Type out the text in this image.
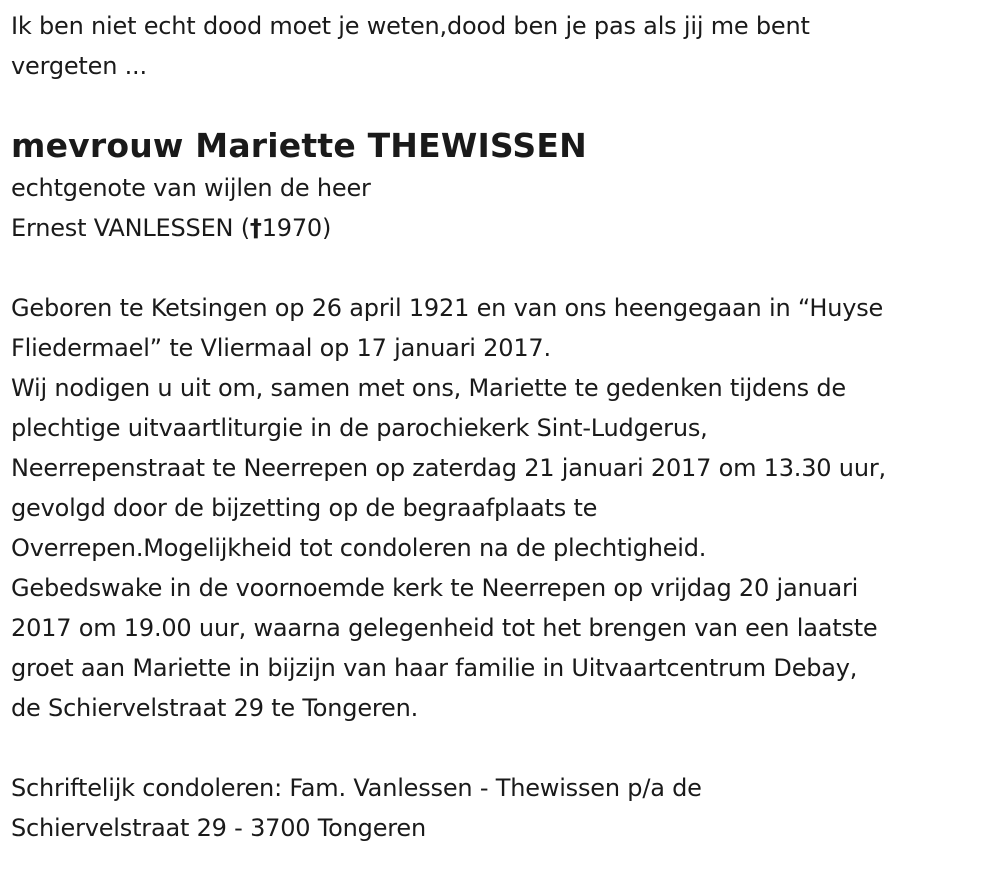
Ik ben niet echt dood moet je weten,dood ben je pas als jij me bent
vergeten ...
mevrouw Mariette THEWISSEN
echtgenote van wijlen de heer
Ernest VANLESSEN (†1970)
Geboren te Ketsingen op 26 april 1921 en van ons heengegaan in “Huyse
Fliedermael” te Vliermaal op 17 januari 2017.
Wij nodigen u uit om, samen met ons, Mariette te gedenken tijdens de
plechtige uitvaartliturgie in de parochiekerk Sint-Ludgerus,
Neerrepenstraat te Neerrepen op zaterdag 21 januari 2017 om 13.30 uur,
gevolgd door de bijzetting op de begraafplaats te
Overrepen.Mogelijkheid tot condoleren na de plechtigheid.
Gebedswake in de voornoemde kerk te Neerrepen op vrijdag 20 januari
2017 om 19.00 uur, waarna gelegenheid tot het brengen van een laatste
groet aan Mariette in bijzijn van haar familie in Uitvaartcentrum Debay,
de Schiervelstraat 29 te Tongeren.
Schriftelijk condoleren: Fam. Vanlessen - Thewissen p/a de
Schiervelstraat 29 - 3700 Tongeren
